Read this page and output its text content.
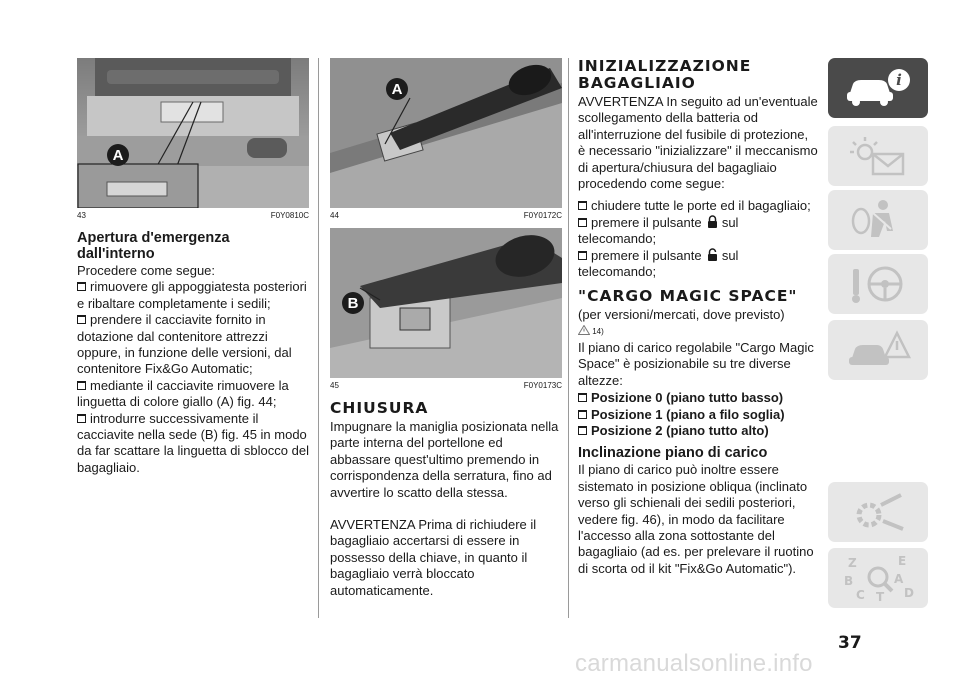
A
43	F0Y0810C
Apertura d'emergenza dall'interno

Procedere come segue:

rimuovere gli appoggiatesta posteriori e ribaltare completamente i sedili;

prendere il cacciavite fornito in dotazione dal contenitore attrezzi oppure, in funzione delle versioni, dal contenitore Fix&Go Automatic;

mediante il cacciavite rimuovere la linguetta di colore giallo (A) fig. 44;

introdurre successivamente il cacciavite nella sede (B) fig. 45 in modo da far scattare la linguetta di sblocco del bagagliaio.

A
44	F0Y0172C
B
45	F0Y0173C
CHIUSURA

Impugnare la maniglia posizionata nella parte interna del portellone ed abbassare quest'ultimo premendo in corrispondenza della serratura, fino ad avvertire lo scatto della stessa.

AVVERTENZA Prima di richiudere il bagagliaio accertarsi di essere in possesso della chiave, in quanto il bagagliaio verrà bloccato automaticamente.

INIZIALIZZAZIONE BAGAGLIAIO

AVVERTENZA In seguito ad un'eventuale scollegamento della batteria od all'interruzione del fusibile di protezione, è necessario "inizializzare" il meccanismo di apertura/chiusura del bagagliaio procedendo come segue:

chiudere tutte le porte ed il bagagliaio;

premere il pulsante sul telecomando;

premere il pulsante sul telecomando;

"CARGO MAGIC SPACE"

(per versioni/mercati, dove previsto)

14)

Il piano di carico regolabile "Cargo Magic Space" è posizionabile su tre diverse altezze:

Posizione 0 (piano tutto basso)

Posizione 1 (piano a filo soglia)

Posizione 2 (piano tutto alto)

Inclinazione piano di carico

Il piano di carico può inoltre essere sistemato in posizione obliqua (inclinato verso gli schienali dei sedili posteriori, vedere fig. 46), in modo da facilitare l'accesso alla zona sottostante del bagagliaio (ad es. per prelevare il ruotino di scorta od il kit "Fix&Go Automatic").

i
Z	E
B	A
C T D
37
carmanualsonline.info
